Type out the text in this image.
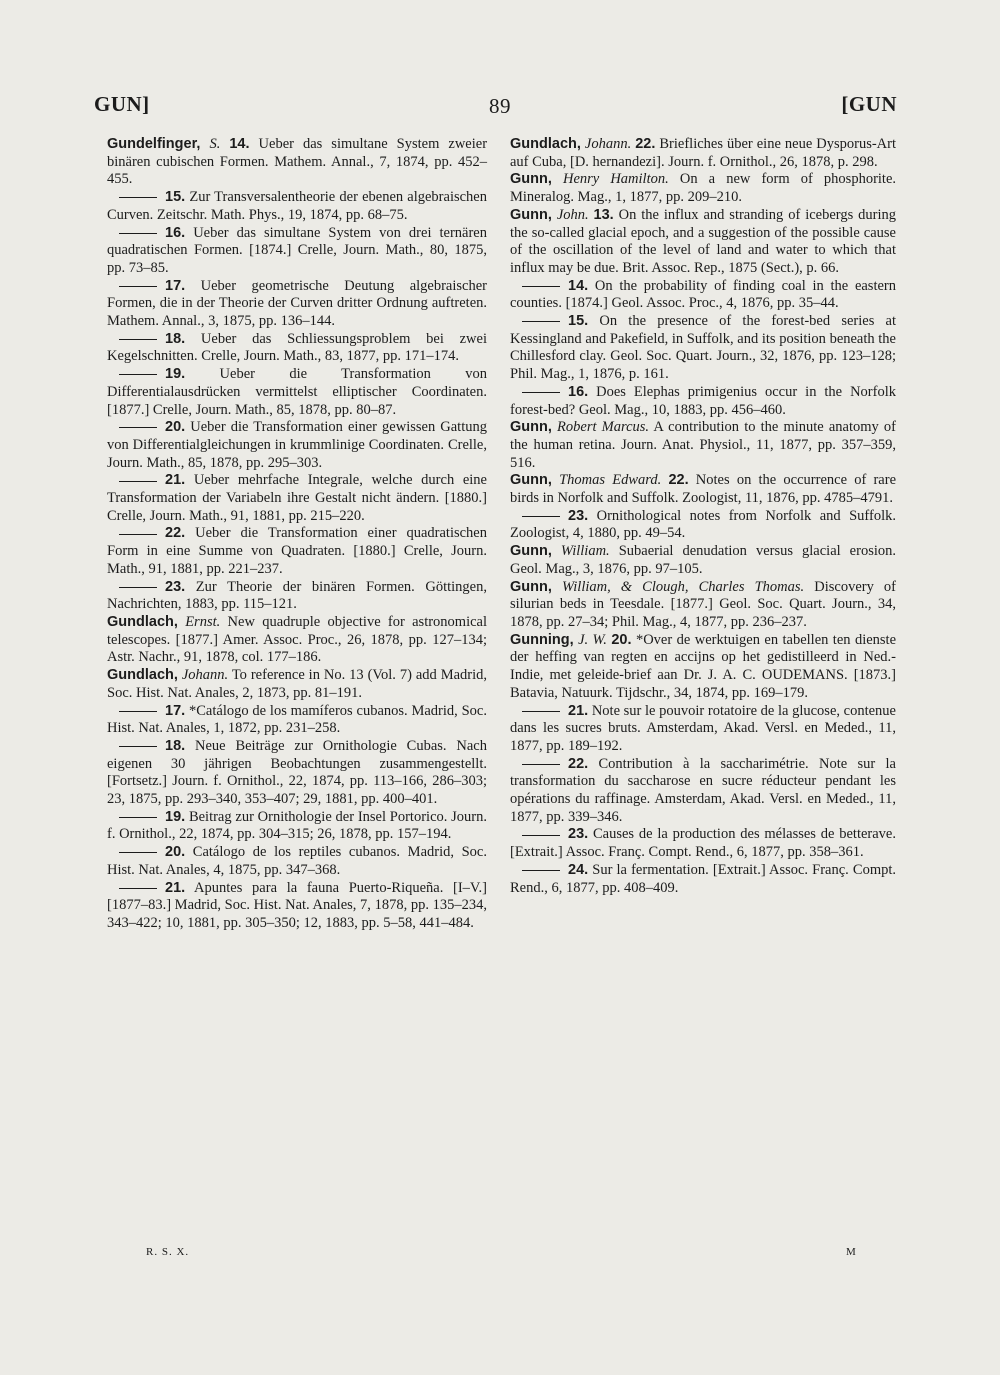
GUN]	89	[GUN

Gundelfinger, S. 14. Ueber das simultane System zweier binären cubischen Formen. Mathem. Annal., 7, 1874, pp. 452–455.

15. Zur Transversalentheorie der ebenen algebraischen Curven. Zeitschr. Math. Phys., 19, 1874, pp. 68–75.

16. Ueber das simultane System von drei ternären quadratischen Formen. [1874.] Crelle, Journ. Math., 80, 1875, pp. 73–85.

17. Ueber geometrische Deutung algebraischer Formen, die in der Theorie der Curven dritter Ordnung auftreten. Mathem. Annal., 3, 1875, pp. 136–144.

18. Ueber das Schliessungsproblem bei zwei Kegelschnitten. Crelle, Journ. Math., 83, 1877, pp. 171–174.

19. Ueber die Transformation von Differentialausdrücken vermittelst elliptischer Coordinaten. [1877.] Crelle, Journ. Math., 85, 1878, pp. 80–87.

20. Ueber die Transformation einer gewissen Gattung von Differentialgleichungen in krummlinige Coordinaten. Crelle, Journ. Math., 85, 1878, pp. 295–303.

21. Ueber mehrfache Integrale, welche durch eine Transformation der Variabeln ihre Gestalt nicht ändern. [1880.] Crelle, Journ. Math., 91, 1881, pp. 215–220.

22. Ueber die Transformation einer quadratischen Form in eine Summe von Quadraten. [1880.] Crelle, Journ. Math., 91, 1881, pp. 221–237.

23. Zur Theorie der binären Formen. Göttingen, Nachrichten, 1883, pp. 115–121.

Gundlach, Ernst. New quadruple objective for astronomical telescopes. [1877.] Amer. Assoc. Proc., 26, 1878, pp. 127–134; Astr. Nachr., 91, 1878, col. 177–186.

Gundlach, Johann. To reference in No. 13 (Vol. 7) add Madrid, Soc. Hist. Nat. Anales, 2, 1873, pp. 81–191.

17. *Catálogo de los mamíferos cubanos. Madrid, Soc. Hist. Nat. Anales, 1, 1872, pp. 231–258.

18. Neue Beiträge zur Ornithologie Cubas. Nach eigenen 30 jährigen Beobachtungen zusammengestellt. [Fortsetz.] Journ. f. Ornithol., 22, 1874, pp. 113–166, 286–303; 23, 1875, pp. 293–340, 353–407; 29, 1881, pp. 400–401.

19. Beitrag zur Ornithologie der Insel Portorico. Journ. f. Ornithol., 22, 1874, pp. 304–315; 26, 1878, pp. 157–194.

20. Catálogo de los reptiles cubanos. Madrid, Soc. Hist. Nat. Anales, 4, 1875, pp. 347–368.

21. Apuntes para la fauna Puerto-Riqueña. [I–V.] [1877–83.] Madrid, Soc. Hist. Nat. Anales, 7, 1878, pp. 135–234, 343–422; 10, 1881, pp. 305–350; 12, 1883, pp. 5–58, 441–484.

Gundlach, Johann. 22. Briefliches über eine neue Dysporus-Art auf Cuba, [D. hernandezi]. Journ. f. Ornithol., 26, 1878, p. 298.

Gunn, Henry Hamilton. On a new form of phosphorite. Mineralog. Mag., 1, 1877, pp. 209–210.

Gunn, John. 13. On the influx and stranding of icebergs during the so-called glacial epoch, and a suggestion of the possible cause of the oscillation of the level of land and water to which that influx may be due. Brit. Assoc. Rep., 1875 (Sect.), p. 66.

14. On the probability of finding coal in the eastern counties. [1874.] Geol. Assoc. Proc., 4, 1876, pp. 35–44.

15. On the presence of the forest-bed series at Kessingland and Pakefield, in Suffolk, and its position beneath the Chillesford clay. Geol. Soc. Quart. Journ., 32, 1876, pp. 123–128; Phil. Mag., 1, 1876, p. 161.

16. Does Elephas primigenius occur in the Norfolk forest-bed? Geol. Mag., 10, 1883, pp. 456–460.

Gunn, Robert Marcus. A contribution to the minute anatomy of the human retina. Journ. Anat. Physiol., 11, 1877, pp. 357–359, 516.

Gunn, Thomas Edward. 22. Notes on the occurrence of rare birds in Norfolk and Suffolk. Zoologist, 11, 1876, pp. 4785–4791.

23. Ornithological notes from Norfolk and Suffolk. Zoologist, 4, 1880, pp. 49–54.

Gunn, William. Subaerial denudation versus glacial erosion. Geol. Mag., 3, 1876, pp. 97–105.

Gunn, William, & Clough, Charles Thomas. Discovery of silurian beds in Teesdale. [1877.] Geol. Soc. Quart. Journ., 34, 1878, pp. 27–34; Phil. Mag., 4, 1877, pp. 236–237.

Gunning, J. W. 20. *Over de werktuigen en tabellen ten dienste der heffing van regten en accijns op het gedistilleerd in Ned.-Indie, met geleide-brief aan Dr. J. A. C. OUDEMANS. [1873.] Batavia, Natuurk. Tijdschr., 34, 1874, pp. 169–179.

21. Note sur le pouvoir rotatoire de la glucose, contenue dans les sucres bruts. Amsterdam, Akad. Versl. en Meded., 11, 1877, pp. 189–192.

22. Contribution à la saccharimétrie. Note sur la transformation du saccharose en sucre réducteur pendant les opérations du raffinage. Amsterdam, Akad. Versl. en Meded., 11, 1877, pp. 339–346.

23. Causes de la production des mélasses de betterave. [Extrait.] Assoc. Franç. Compt. Rend., 6, 1877, pp. 358–361.

24. Sur la fermentation. [Extrait.] Assoc. Franç. Compt. Rend., 6, 1877, pp. 408–409.

R. S. X.	M
